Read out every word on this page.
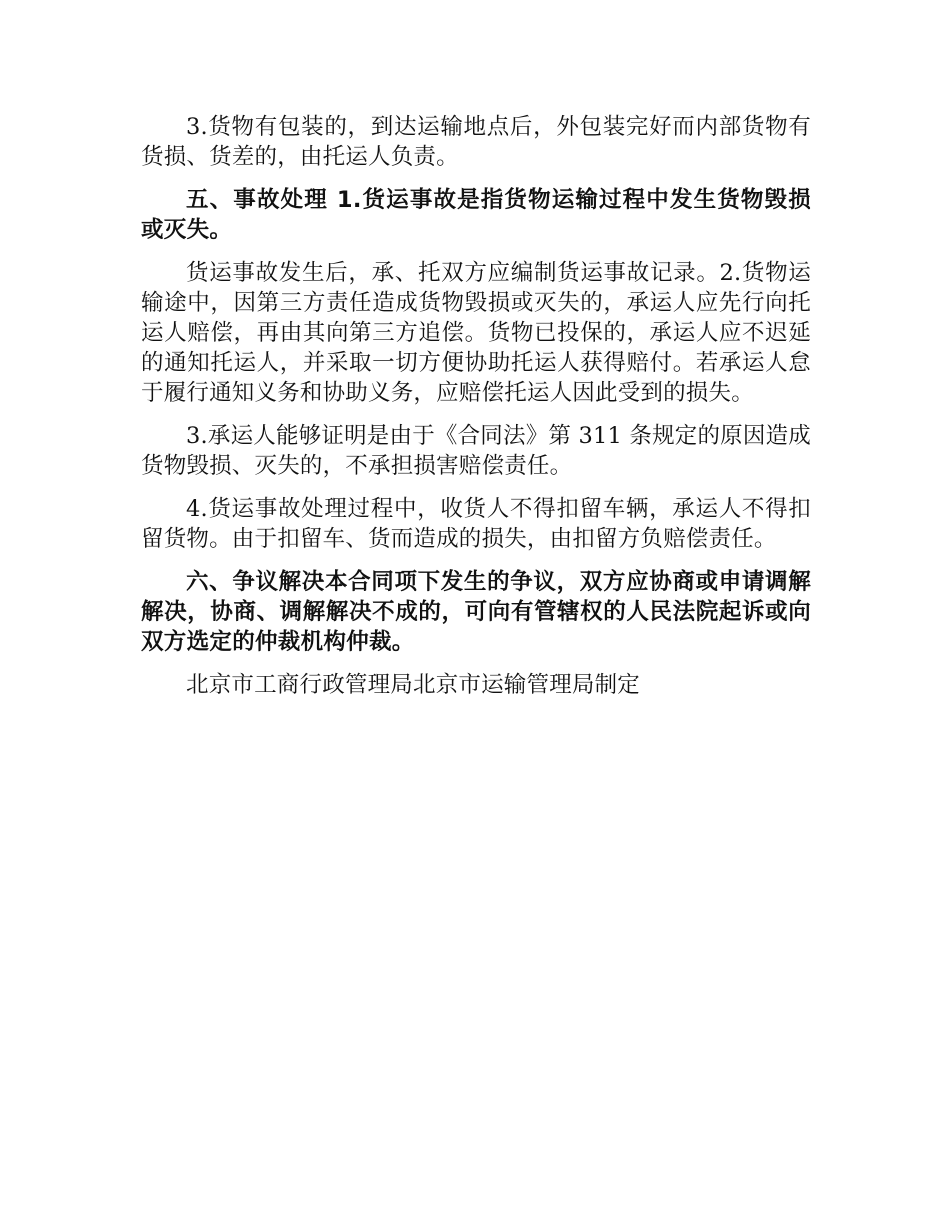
3.货物有包装的，到达运输地点后，外包装完好而内部货物有货损、货差的，由托运人负责。

五、事故处理 1.货运事故是指货物运输过程中发生货物毁损或灭失。

货运事故发生后，承、托双方应编制货运事故记录。2.货物运输途中，因第三方责任造成货物毁损或灭失的，承运人应先行向托运人赔偿，再由其向第三方追偿。货物已投保的，承运人应不迟延的通知托运人，并采取一切方便协助托运人获得赔付。若承运人怠于履行通知义务和协助义务，应赔偿托运人因此受到的损失。

3.承运人能够证明是由于《合同法》第 311 条规定的原因造成货物毁损、灭失的，不承担损害赔偿责任。

4.货运事故处理过程中，收货人不得扣留车辆，承运人不得扣留货物。由于扣留车、货而造成的损失，由扣留方负赔偿责任。

六、争议解决本合同项下发生的争议，双方应协商或申请调解解决，协商、调解解决不成的，可向有管辖权的人民法院起诉或向双方选定的仲裁机构仲裁。

北京市工商行政管理局北京市运输管理局制定
